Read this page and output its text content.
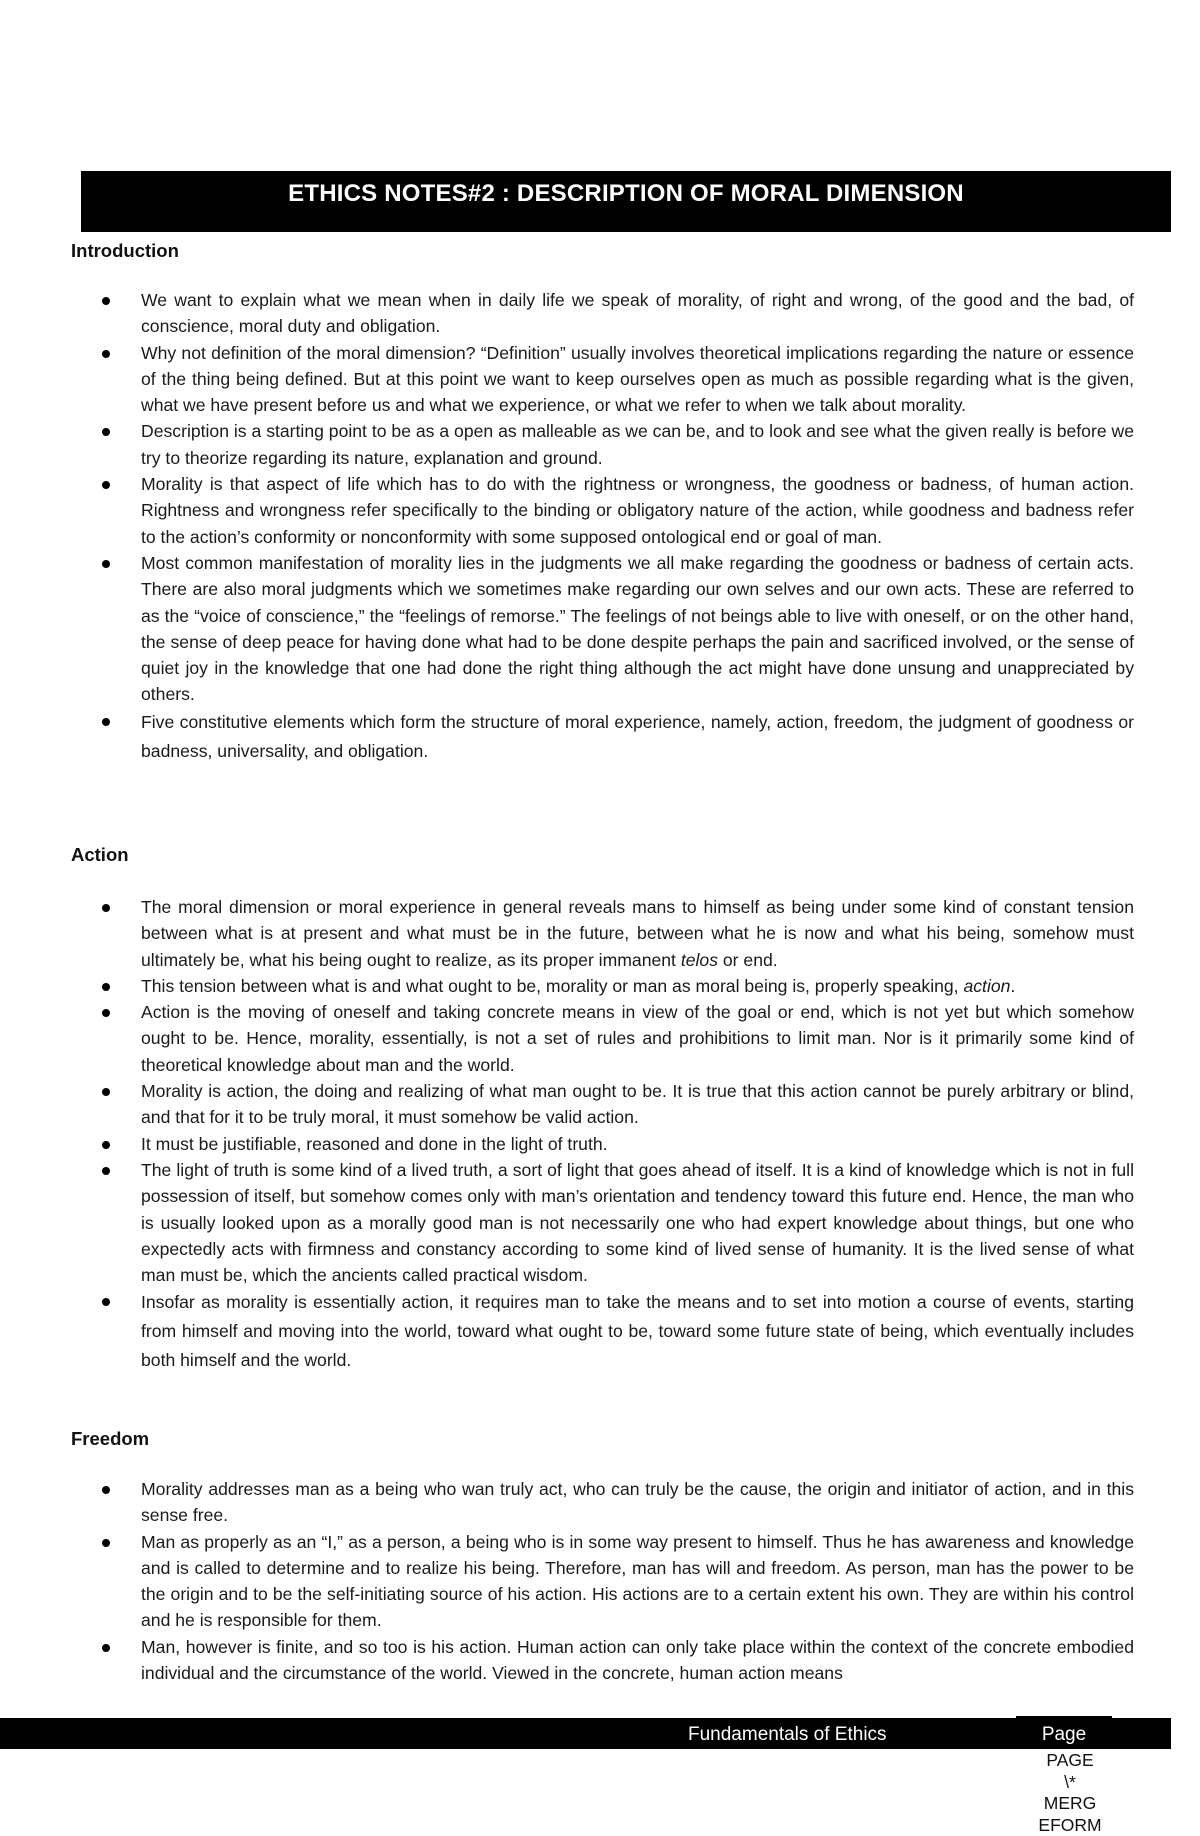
ETHICS NOTES#2 : DESCRIPTION OF MORAL DIMENSION
Introduction
We want to explain what we mean when in daily life we speak of morality, of right and wrong, of the good and the bad, of conscience, moral duty and obligation.
Why not definition of the moral dimension? “Definition” usually involves theoretical implications regarding the nature or essence of the thing being defined. But at this point we want to keep ourselves open as much as possible regarding what is the given, what we have present before us and what we experience, or what we refer to when we talk about morality.
Description is a starting point to be as a open as malleable as we can be, and to look and see what the given really is before we try to theorize regarding its nature, explanation and ground.
Morality is that aspect of life which has to do with the rightness or wrongness, the goodness or badness, of human action. Rightness and wrongness refer specifically to the binding or obligatory nature of the action, while goodness and badness refer to the action’s conformity or nonconformity with some supposed ontological end or goal of man.
Most common manifestation of morality lies in the judgments we all make regarding the goodness or badness of certain acts. There are also moral judgments which we sometimes make regarding our own selves and our own acts. These are referred to as the “voice of conscience,” the “feelings of remorse.” The feelings of not beings able to live with oneself, or on the other hand, the sense of deep peace for having done what had to be done despite perhaps the pain and sacrificed involved, or the sense of quiet joy in the knowledge that one had done the right thing although the act might have done unsung and unappreciated by others.
Five constitutive elements which form the structure of moral experience, namely, action, freedom, the judgment of goodness or badness, universality, and obligation.
Action
The moral dimension or moral experience in general reveals mans to himself as being under some kind of constant tension between what is at present and what must be in the future, between what he is now and what his being, somehow must ultimately be, what his being ought to realize, as its proper immanent telos or end.
This tension between what is and what ought to be, morality or man as moral being is, properly speaking, action.
Action is the moving of oneself and taking concrete means in view of the goal or end, which is not yet but which somehow ought to be. Hence, morality, essentially, is not a set of rules and prohibitions to limit man. Nor is it primarily some kind of theoretical knowledge about man and the world.
Morality is action, the doing and realizing of what man ought to be. It is true that this action cannot be purely arbitrary or blind, and that for it to be truly moral, it must somehow be valid action.
It must be justifiable, reasoned and done in the light of truth.
The light of truth is some kind of a lived truth, a sort of light that goes ahead of itself. It is a kind of knowledge which is not in full possession of itself, but somehow comes only with man’s orientation and tendency toward this future end. Hence, the man who is usually looked upon as a morally good man is not necessarily one who had expert knowledge about things, but one who expectedly acts with firmness and constancy according to some kind of lived sense of humanity. It is the lived sense of what man must be, which the ancients called practical wisdom.
Insofar as morality is essentially action, it requires man to take the means and to set into motion a course of events, starting from himself and moving into the world, toward what ought to be, toward some future state of being, which eventually includes both himself and the world.
Freedom
Morality addresses man as a being who wan truly act, who can truly be the cause, the origin and initiator of action, and in this sense free.
Man as properly as an “I,” as a person, a being who is in some way present to himself. Thus he has awareness and knowledge and is called to determine and to realize his being. Therefore, man has will and freedom. As person, man has the power to be the origin and to be the self-initiating source of his action. His actions are to a certain extent his own. They are within his control and he is responsible for them.
Man, however is finite, and so too is his action. Human action can only take place within the context of the concrete embodied individual and the circumstance of the world. Viewed in the concrete, human action means
Fundamentals of Ethics	Page
PAGE
\*
MERG
EFORM
